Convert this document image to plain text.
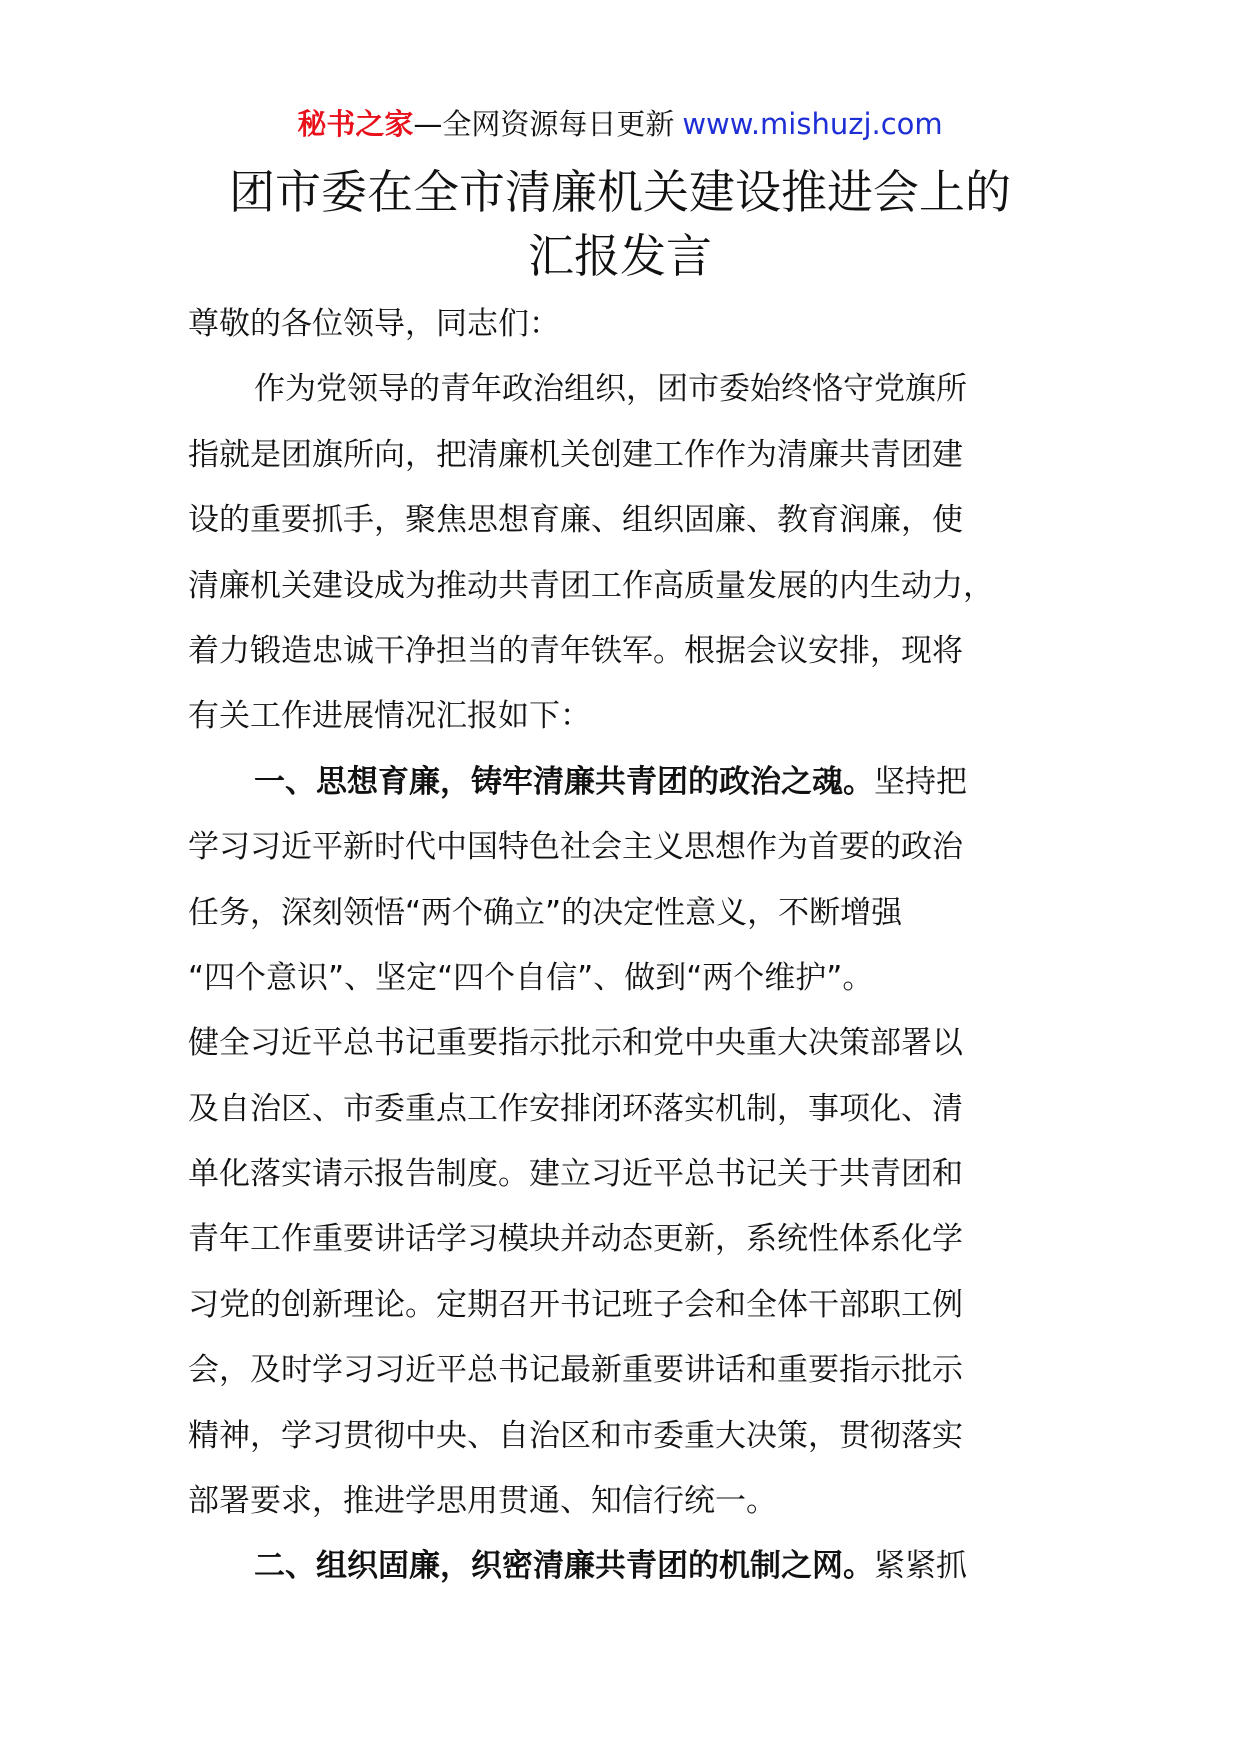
秘书之家—全网资源每日更新 www.mishuzj.com
团市委在全市清廉机关建设推进会上的
汇报发言
尊敬的各位领导，同志们：
作为党领导的青年政治组织，团市委始终恪守党旗所
指就是团旗所向，把清廉机关创建工作作为清廉共青团建
设的重要抓手，聚焦思想育廉、组织固廉、教育润廉，使
清廉机关建设成为推动共青团工作高质量发展的内生动力，
着力锻造忠诚干净担当的青年铁军。根据会议安排，现将
有关工作进展情况汇报如下：
一、思想育廉，铸牢清廉共青团的政治之魂。坚持把
学习习近平新时代中国特色社会主义思想作为首要的政治
任务，深刻领悟“两个确立”的决定性意义，不断增强
“四个意识”、坚定“四个自信”、做到“两个维护”。
健全习近平总书记重要指示批示和党中央重大决策部署以
及自治区、市委重点工作安排闭环落实机制，事项化、清
单化落实请示报告制度。建立习近平总书记关于共青团和
青年工作重要讲话学习模块并动态更新，系统性体系化学
习党的创新理论。定期召开书记班子会和全体干部职工例
会，及时学习习近平总书记最新重要讲话和重要指示批示
精神，学习贯彻中央、自治区和市委重大决策，贯彻落实
部署要求，推进学思用贯通、知信行统一。
二、组织固廉，织密清廉共青团的机制之网。紧紧抓
